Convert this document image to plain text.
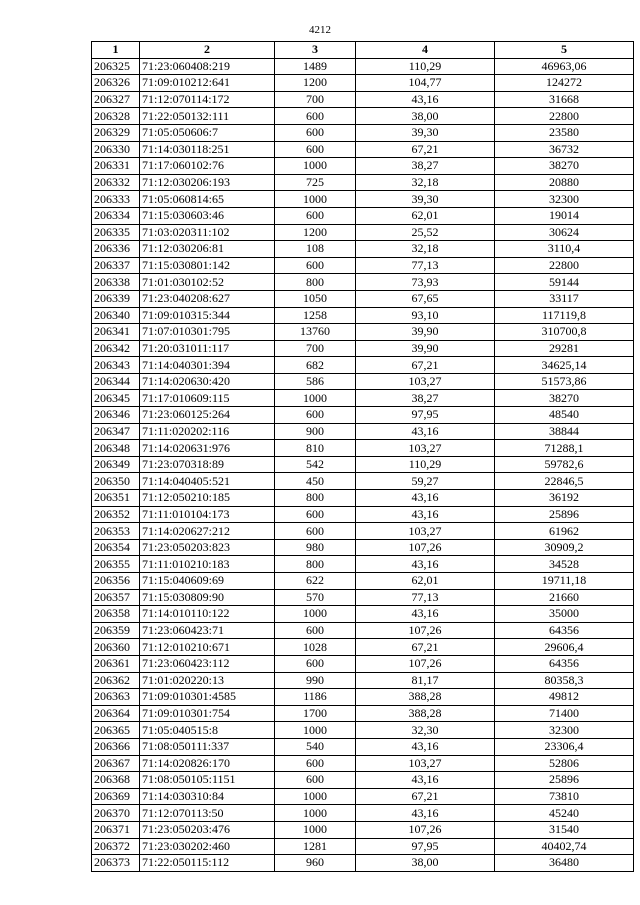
4212
1	2	3	4	5
206325	71:23:060408:219	1489	110,29	46963,06
206326	71:09:010212:641	1200	104,77	124272
206327	71:12:070114:172	700	43,16	31668
206328	71:22:050132:111	600	38,00	22800
206329	71:05:050606:7	600	39,30	23580
206330	71:14:030118:251	600	67,21	36732
206331	71:17:060102:76	1000	38,27	38270
206332	71:12:030206:193	725	32,18	20880
206333	71:05:060814:65	1000	39,30	32300
206334	71:15:030603:46	600	62,01	19014
206335	71:03:020311:102	1200	25,52	30624
206336	71:12:030206:81	108	32,18	3110,4
206337	71:15:030801:142	600	77,13	22800
206338	71:01:030102:52	800	73,93	59144
206339	71:23:040208:627	1050	67,65	33117
206340	71:09:010315:344	1258	93,10	117119,8
206341	71:07:010301:795	13760	39,90	310700,8
206342	71:20:031011:117	700	39,90	29281
206343	71:14:040301:394	682	67,21	34625,14
206344	71:14:020630:420	586	103,27	51573,86
206345	71:17:010609:115	1000	38,27	38270
206346	71:23:060125:264	600	97,95	48540
206347	71:11:020202:116	900	43,16	38844
206348	71:14:020631:976	810	103,27	71288,1
206349	71:23:070318:89	542	110,29	59782,6
206350	71:14:040405:521	450	59,27	22846,5
206351	71:12:050210:185	800	43,16	36192
206352	71:11:010104:173	600	43,16	25896
206353	71:14:020627:212	600	103,27	61962
206354	71:23:050203:823	980	107,26	30909,2
206355	71:11:010210:183	800	43,16	34528
206356	71:15:040609:69	622	62,01	19711,18
206357	71:15:030809:90	570	77,13	21660
206358	71:14:010110:122	1000	43,16	35000
206359	71:23:060423:71	600	107,26	64356
206360	71:12:010210:671	1028	67,21	29606,4
206361	71:23:060423:112	600	107,26	64356
206362	71:01:020220:13	990	81,17	80358,3
206363	71:09:010301:4585	1186	388,28	49812
206364	71:09:010301:754	1700	388,28	71400
206365	71:05:040515:8	1000	32,30	32300
206366	71:08:050111:337	540	43,16	23306,4
206367	71:14:020826:170	600	103,27	52806
206368	71:08:050105:1151	600	43,16	25896
206369	71:14:030310:84	1000	67,21	73810
206370	71:12:070113:50	1000	43,16	45240
206371	71:23:050203:476	1000	107,26	31540
206372	71:23:030202:460	1281	97,95	40402,74
206373	71:22:050115:112	960	38,00	36480
